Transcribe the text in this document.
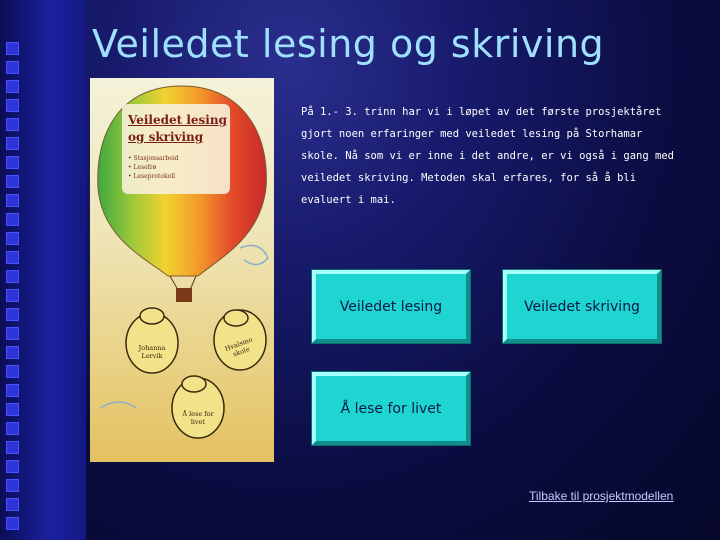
Veiledet lesing og skriving
Veiledet lesing og skriving
• Stasjonsarbeid
• Lesefrø
• Leseprotokoll
Johanna Lervik
Hvalsmo skole
Å lese for livet

På 1.- 3. trinn har vi i løpet av det første prosjektåret gjort noen erfaringer med veiledet lesing på Storhamar skole. Nå som vi er inne i det andre, er vi også i gang med veiledet skriving. Metoden skal erfares, for så å bli evaluert i mai.

Veiledet lesing	Veiledet skriving
Å lese for livet
Tilbake til prosjektmodellen
